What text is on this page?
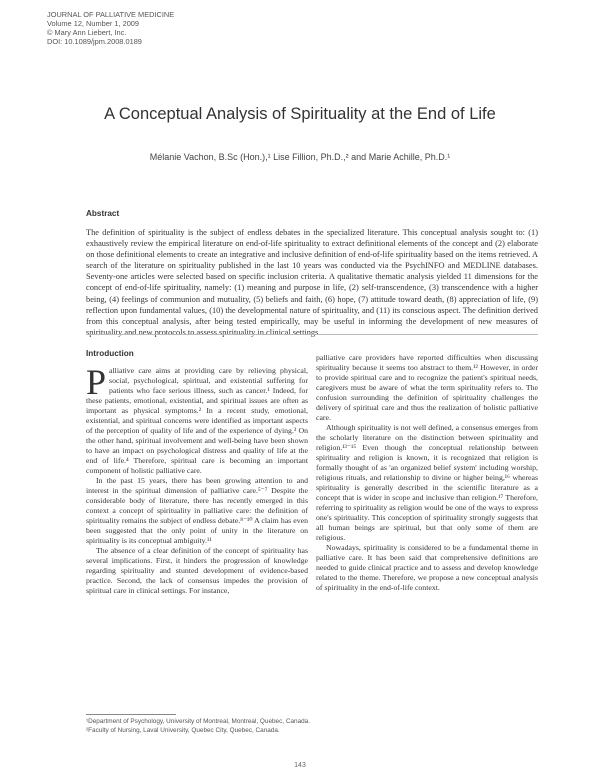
JOURNAL OF PALLIATIVE MEDICINE
Volume 12, Number 1, 2009
© Mary Ann Liebert, Inc.
DOI: 10.1089/jpm.2008.0189
A Conceptual Analysis of Spirituality at the End of Life
Mélanie Vachon, B.Sc (Hon.),¹ Lise Fillion, Ph.D.,² and Marie Achille, Ph.D.¹
Abstract
The definition of spirituality is the subject of endless debates in the specialized literature. This conceptual analysis sought to: (1) exhaustively review the empirical literature on end-of-life spirituality to extract definitional elements of the concept and (2) elaborate on those definitional elements to create an integrative and inclusive definition of end-of-life spirituality based on the items retrieved. A search of the literature on spirituality published in the last 10 years was conducted via the PsychINFO and MEDLINE databases. Seventy-one articles were selected based on specific inclusion criteria. A qualitative thematic analysis yielded 11 dimensions for the concept of end-of-life spirituality, namely: (1) meaning and purpose in life, (2) self-transcendence, (3) transcendence with a higher being, (4) feelings of communion and mutuality, (5) beliefs and faith, (6) hope, (7) attitude toward death, (8) appreciation of life, (9) reflection upon fundamental values, (10) the developmental nature of spirituality, and (11) its conscious aspect. The definition derived from this conceptual analysis, after being tested empirically, may be useful in informing the development of new measures of spirituality and new protocols to assess spirituality in clinical settings.
Introduction

Palliative care aims at providing care by relieving physical, social, psychological, spiritual, and existential suffering for patients who face serious illness, such as cancer.¹ Indeed, for these patients, emotional, existential, and spiritual issues are often as important as physical symptoms.² In a recent study, emotional, existential, and spiritual concerns were identified as important aspects of the perception of quality of life and of the experience of dying.³ On the other hand, spiritual involvement and well-being have been shown to have an impact on psychological distress and quality of life at the end of life.⁴ Therefore, spiritual care is becoming an important component of holistic palliative care.

In the past 15 years, there has been growing attention to and interest in the spiritual dimension of palliative care.⁵⁻⁷ Despite the considerable body of literature, there has recently emerged in this context a concept of spirituality in palliative care: the definition of spirituality remains the subject of endless debate.⁸⁻¹⁰ A claim has even been suggested that the only point of unity in the literature on spirituality is its conceptual ambiguity.¹¹

The absence of a clear definition of the concept of spirituality has several implications. First, it hinders the progression of knowledge regarding spirituality and stunted development of evidence-based practice. Second, the lack of consensus impedes the provision of spiritual care in clinical settings. For instance,

palliative care providers have reported difficulties when discussing spirituality because it seems too abstract to them.¹² However, in order to provide spiritual care and to recognize the patient's spiritual needs, caregivers must be aware of what the term spirituality refers to. The confusion surrounding the definition of spirituality challenges the delivery of spiritual care and thus the realization of holistic palliative care.

Although spirituality is not well defined, a consensus emerges from the scholarly literature on the distinction between spirituality and religion.¹³⁻¹⁵ Even though the conceptual relationship between spirituality and religion is known, it is recognized that religion is formally thought of as 'an organized belief system' including worship, religious rituals, and relationship to divine or higher being,¹⁶ whereas spirituality is generally described in the scientific literature as a concept that is wider in scope and inclusive than religion.¹⁷ Therefore, referring to spirituality as religion would be one of the ways to express one's spirituality. This conception of spirituality strongly suggests that all human beings are spiritual, but that only some of them are religious.

Nowadays, spirituality is considered to be a fundamental theme in palliative care. It has been said that comprehensive definitions are needed to guide clinical practice and to assess and develop knowledge related to the theme. Therefore, we propose a new conceptual analysis of spirituality in the end-of-life context.

¹Department of Psychology, University of Montreal, Montreal, Quebec, Canada.
²Faculty of Nursing, Laval University, Quebec City, Quebec, Canada.
143
